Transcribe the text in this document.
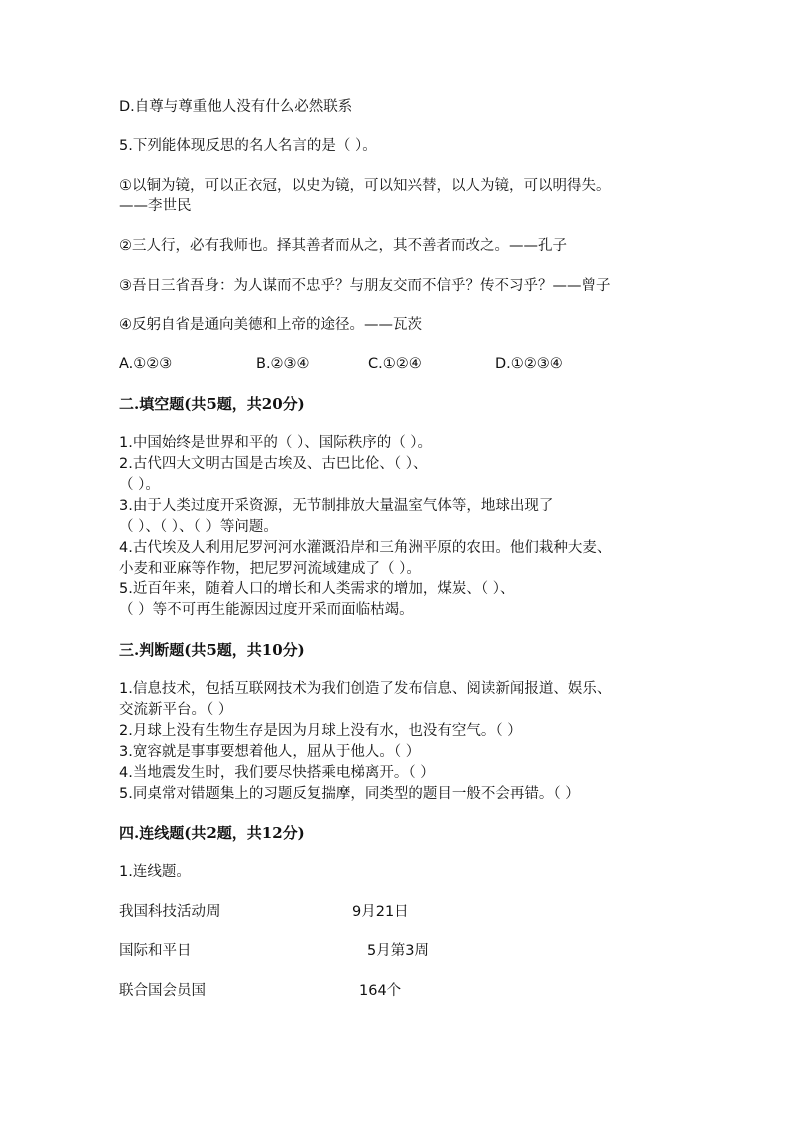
D.自尊与尊重他人没有什么必然联系
5.下列能体现反思的名人名言的是（ ）。
①以铜为镜，可以正衣冠，以史为镜，可以知兴替，以人为镜，可以明得失。
——李世民
②三人行，必有我师也。择其善者而从之，其不善者而改之。——孔子
③吾日三省吾身：为人谋而不忠乎？与朋友交而不信乎？传不习乎？——曾子
④反躬自省是通向美德和上帝的途径。——瓦茨
A.①②③	B.②③④	C.①②④	D.①②③④
二.填空题(共5题，共20分)
1.中国始终是世界和平的（ ）、国际秩序的（ ）。
2.古代四大文明古国是古埃及、古巴比伦、（ ）、
（ ）。
3.由于人类过度开采资源，无节制排放大量温室气体等，地球出现了
（ ）、（ ）、（ ）等问题。
4.古代埃及人利用尼罗河河水灌溉沿岸和三角洲平原的农田。他们栽种大麦、
小麦和亚麻等作物，把尼罗河流域建成了（ ）。
5.近百年来，随着人口的增长和人类需求的增加，煤炭、（ ）、
（ ）等不可再生能源因过度开采而面临枯竭。
三.判断题(共5题，共10分)
1.信息技术，包括互联网技术为我们创造了发布信息、阅读新闻报道、娱乐、
交流新平台。（ ）
2.月球上没有生物生存是因为月球上没有水，也没有空气。（ ）
3.宽容就是事事要想着他人，屈从于他人。（ ）
4.当地震发生时，我们要尽快搭乘电梯离开。（ ）
5.同桌常对错题集上的习题反复揣摩，同类型的题目一般不会再错。（ ）
四.连线题(共2题，共12分)
1.连线题。
我国科技活动周	9月21日
国际和平日	5月第3周
联合国会员国	164个
